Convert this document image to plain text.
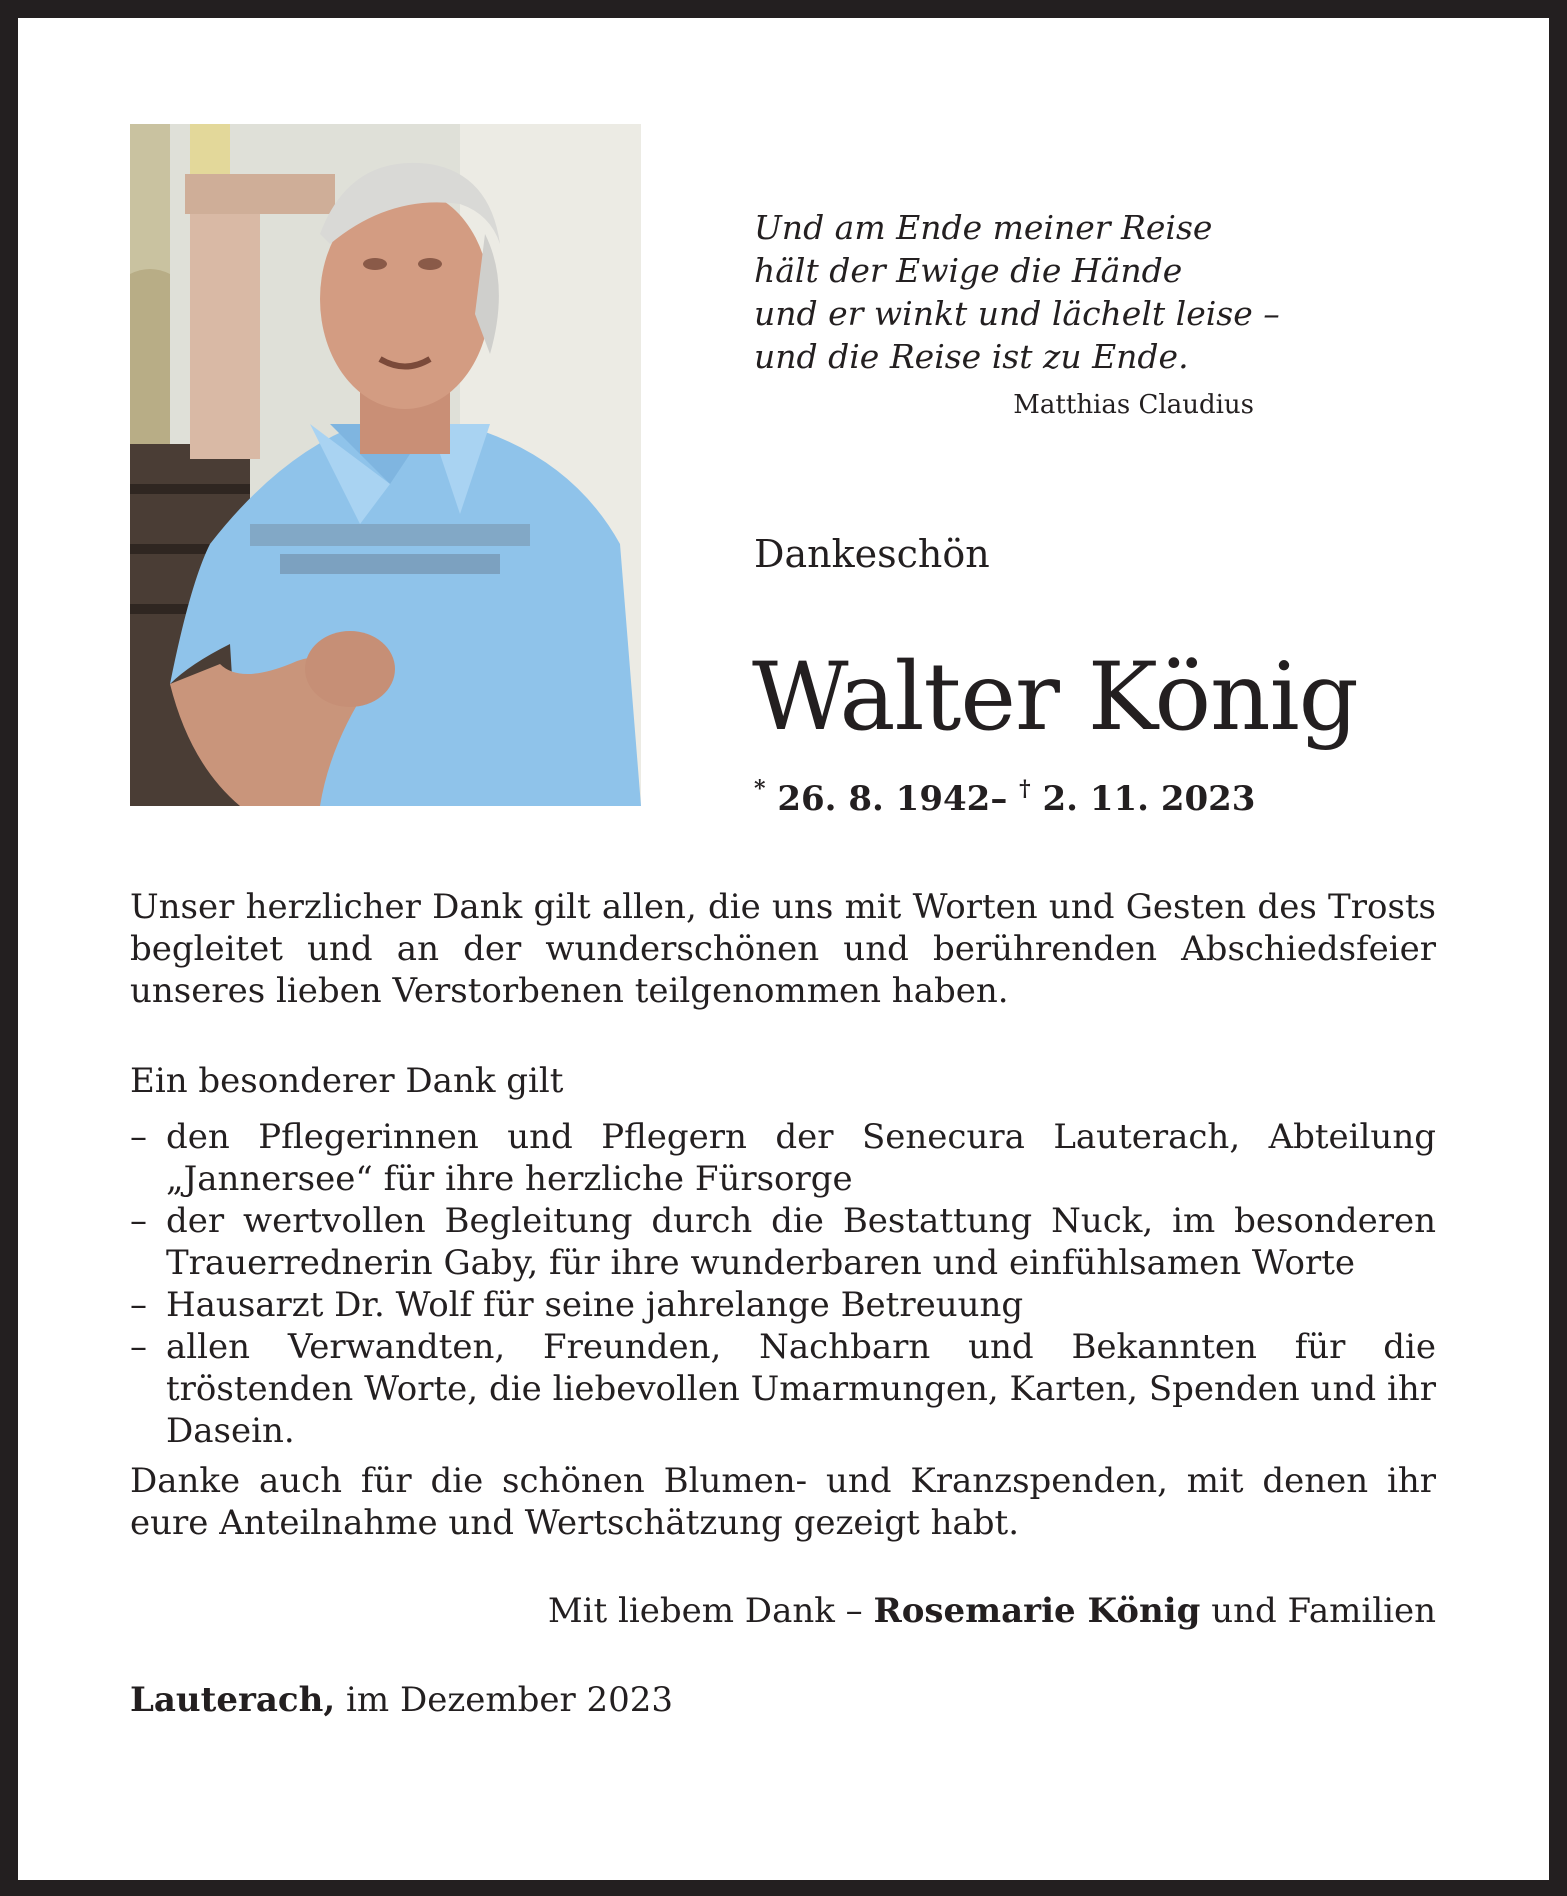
Und am Ende meiner Reise
hält der Ewige die Hände
und er winkt und lächelt leise –
und die Reise ist zu Ende.
Matthias Claudius
Dankeschön
Walter König
* 26. 8. 1942– † 2. 11. 2023
Unser herzlicher Dank gilt allen, die uns mit Worten und Gesten des Trosts begleitet und an der wunderschönen und berührenden Abschiedsfeier unseres lieben Verstorbenen teilgenommen haben.
Ein besonderer Dank gilt
– den Pflegerinnen und Pflegern der Senecura Lauterach, Abteilung „Jannersee“ für ihre herzliche Fürsorge
– der wertvollen Begleitung durch die Bestattung Nuck, im besonderen Trauerrednerin Gaby, für ihre wunderbaren und einfühlsamen Worte
– Hausarzt Dr. Wolf für seine jahrelange Betreuung
– allen Verwandten, Freunden, Nachbarn und Bekannten für die tröstenden Worte, die liebevollen Umarmungen, Karten, Spenden und ihr Dasein.
Danke auch für die schönen Blumen- und Kranzspenden, mit denen ihr eure Anteilnahme und Wertschätzung gezeigt habt.
Mit liebem Dank – Rosemarie König und Familien
Lauterach, im Dezember 2023
